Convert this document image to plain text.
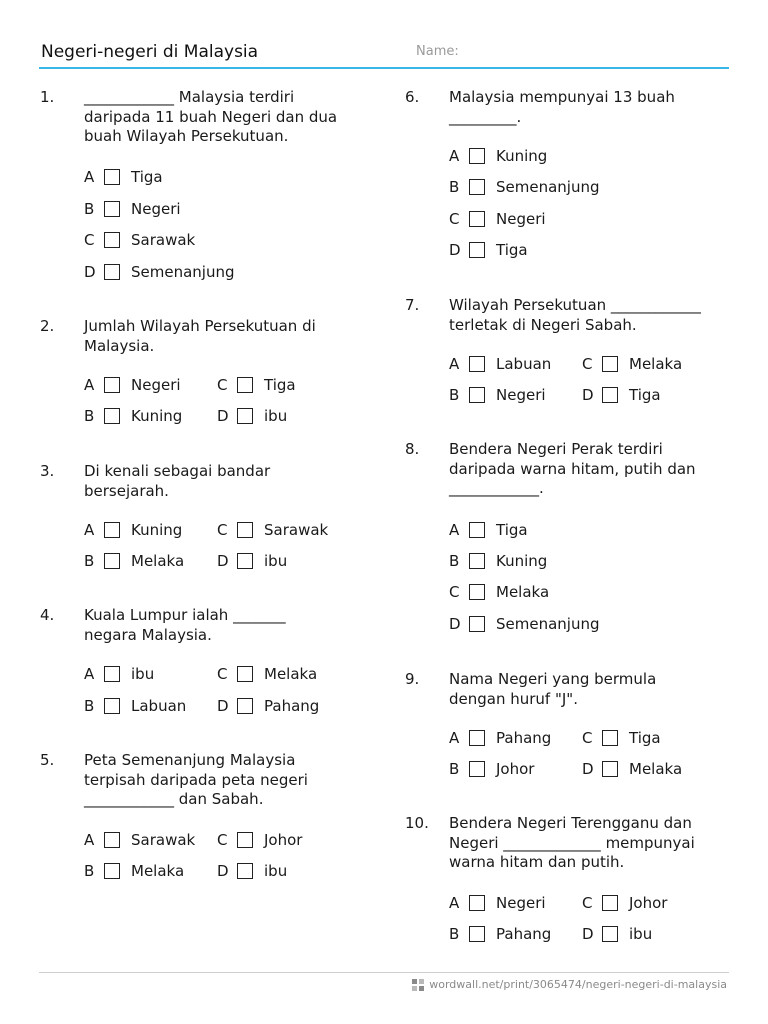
Negeri-negeri di Malaysia	Name:
1. ____________ Malaysia terdiri
daripada 11 buah Negeri dan dua
buah Wilayah Persekutuan.
A Tiga
B Negeri
C Sarawak
D Semenanjung
2. Jumlah Wilayah Persekutuan di
Malaysia.
A Negeri C Tiga
B Kuning D ibu
3. Di kenali sebagai bandar
bersejarah.
A Kuning C Sarawak
B Melaka D ibu
4. Kuala Lumpur ialah _______
negara Malaysia.
A ibu	C Melaka
B Labuan D Pahang
5. Peta Semenanjung Malaysia
terpisah daripada peta negeri
____________ dan Sabah.
A Sarawak C Johor
B Melaka D ibu
6. Malaysia mempunyai 13 buah
_________.
A Kuning
B Semenanjung
C Negeri
D Tiga
7. Wilayah Persekutuan ____________
terletak di Negeri Sabah.
A Labuan C Melaka
B Negeri D Tiga
8. Bendera Negeri Perak terdiri
daripada warna hitam, putih dan
____________.
A Tiga
B Kuning
C Melaka
D Semenanjung
9. Nama Negeri yang bermula
dengan huruf "J".
A Pahang C Tiga
B Johor	D Melaka
10. Bendera Negeri Terengganu dan
Negeri _____________ mempunyai
warna hitam dan putih.
A Negeri C Johor
B Pahang D ibu
wordwall.net/print/3065474/negeri-negeri-di-malaysia
